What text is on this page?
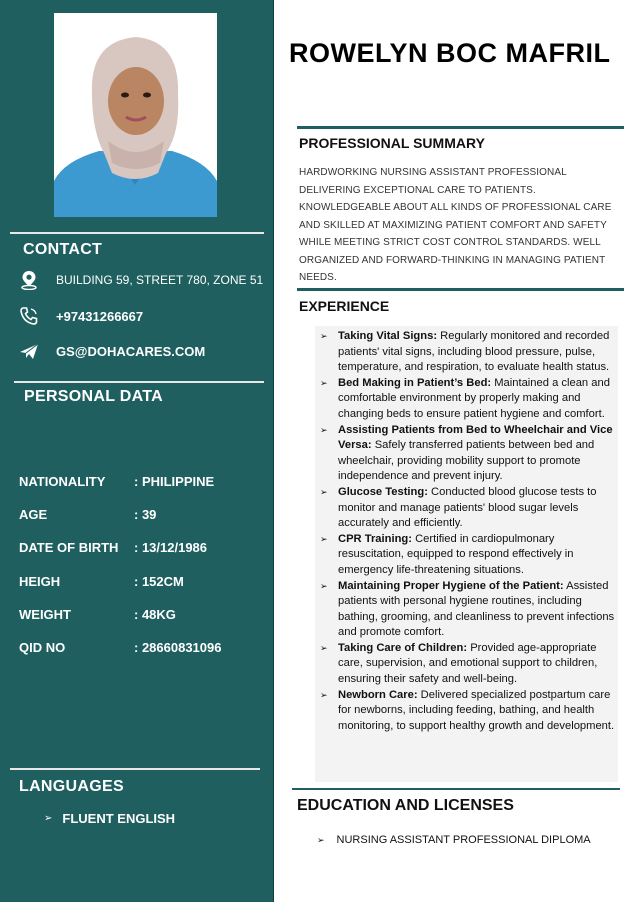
CONTACT
BUILDING 59, STREET 780, ZONE 51
+97431266667
GS@DOHACARES.COM
PERSONAL DATA
NATIONALITY	: PHILIPPINE
AGE	: 39
DATE OF BIRTH	: 13/12/1986
HEIGH	: 152CM
WEIGHT	: 48KG
QID NO	: 28660831096
LANGUAGES
➢ FLUENT ENGLISH
ROWELYN BOC MAFRIL
PROFESSIONAL SUMMARY
HARDWORKING NURSING ASSISTANT PROFESSIONAL DELIVERING EXCEPTIONAL CARE TO PATIENTS. KNOWLEDGEABLE ABOUT ALL KINDS OF PROFESSIONAL CARE AND SKILLED AT MAXIMIZING PATIENT COMFORT AND SAFETY WHILE MEETING STRICT COST CONTROL STANDARDS. WELL ORGANIZED AND FORWARD-THINKING IN MANAGING PATIENT NEEDS.
EXPERIENCE
➢ Taking Vital Signs: Regularly monitored and recorded patients' vital signs, including blood pressure, pulse, temperature, and respiration, to evaluate health status.
➢ Bed Making in Patient’s Bed: Maintained a clean and comfortable environment by properly making and changing beds to ensure patient hygiene and comfort.
➢ Assisting Patients from Bed to Wheelchair and Vice Versa: Safely transferred patients between bed and wheelchair, providing mobility support to promote independence and prevent injury.
➢ Glucose Testing: Conducted blood glucose tests to monitor and manage patients' blood sugar levels accurately and efficiently.
➢ CPR Training: Certified in cardiopulmonary resuscitation, equipped to respond effectively in emergency life-threatening situations.
➢ Maintaining Proper Hygiene of the Patient: Assisted patients with personal hygiene routines, including bathing, grooming, and cleanliness to prevent infections and promote comfort.
➢ Taking Care of Children: Provided age-appropriate care, supervision, and emotional support to children, ensuring their safety and well-being.
➢ Newborn Care: Delivered specialized postpartum care for newborns, including feeding, bathing, and health monitoring, to support healthy growth and development.
EDUCATION AND LICENSES
➢ NURSING ASSISTANT PROFESSIONAL DIPLOMA
